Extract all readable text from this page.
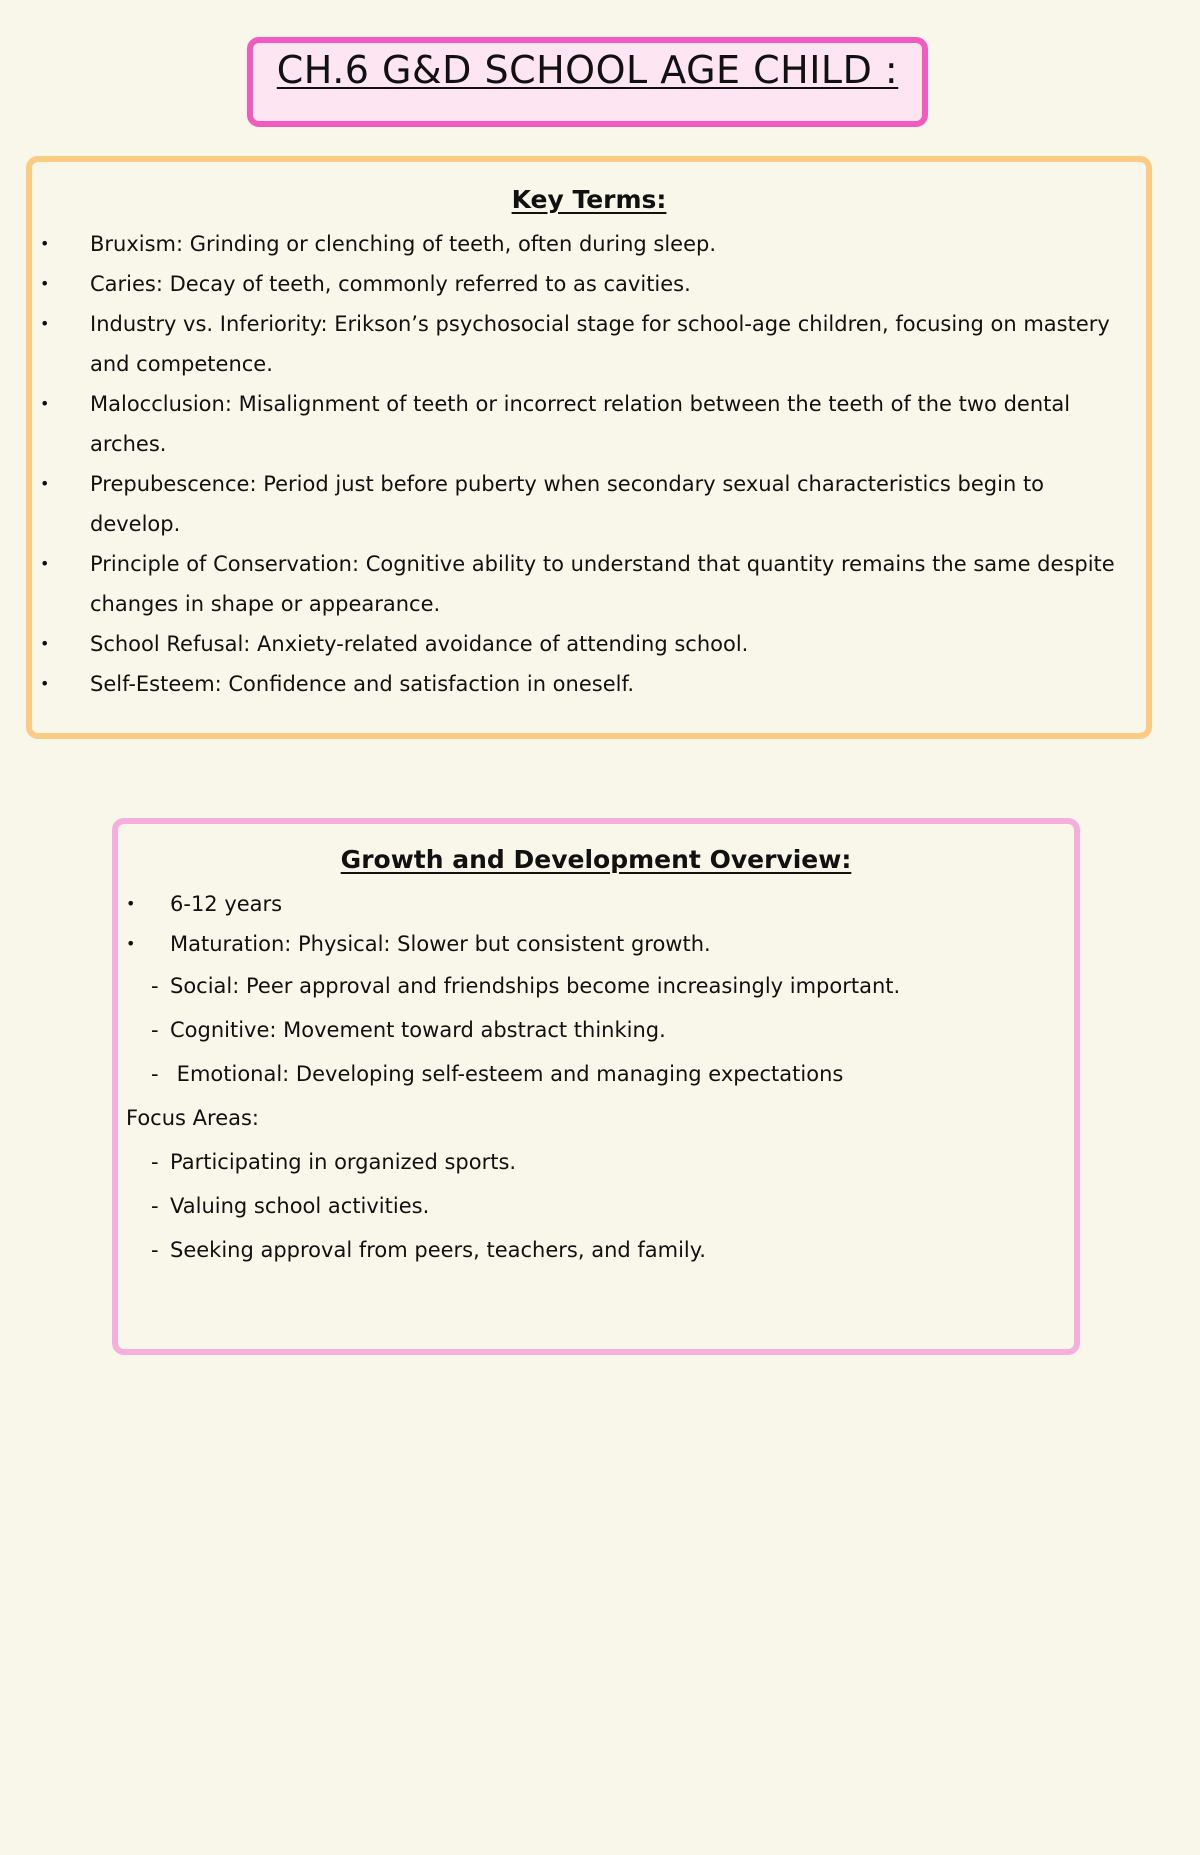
CH.6 G&D SCHOOL AGE CHILD :
Key Terms:
• Bruxism: Grinding or clenching of teeth, often during sleep.
• Caries: Decay of teeth, commonly referred to as cavities.
• Industry vs. Inferiority: Erikson’s psychosocial stage for school-age children, focusing on mastery and competence.
• Malocclusion: Misalignment of teeth or incorrect relation between the teeth of the two dental arches.
• Prepubescence: Period just before puberty when secondary sexual characteristics begin to develop.
• Principle of Conservation: Cognitive ability to understand that quantity remains the same despite changes in shape or appearance.
• School Refusal: Anxiety-related avoidance of attending school.
• Self-Esteem: Confidence and satisfaction in oneself.
Growth and Development Overview:
• 6-12 years
• Maturation: Physical: Slower but consistent growth.
- Social: Peer approval and friendships become increasingly important.
- Cognitive: Movement toward abstract thinking.
- Emotional: Developing self-esteem and managing expectations
Focus Areas:
- Participating in organized sports.
- Valuing school activities.
- Seeking approval from peers, teachers, and family.
